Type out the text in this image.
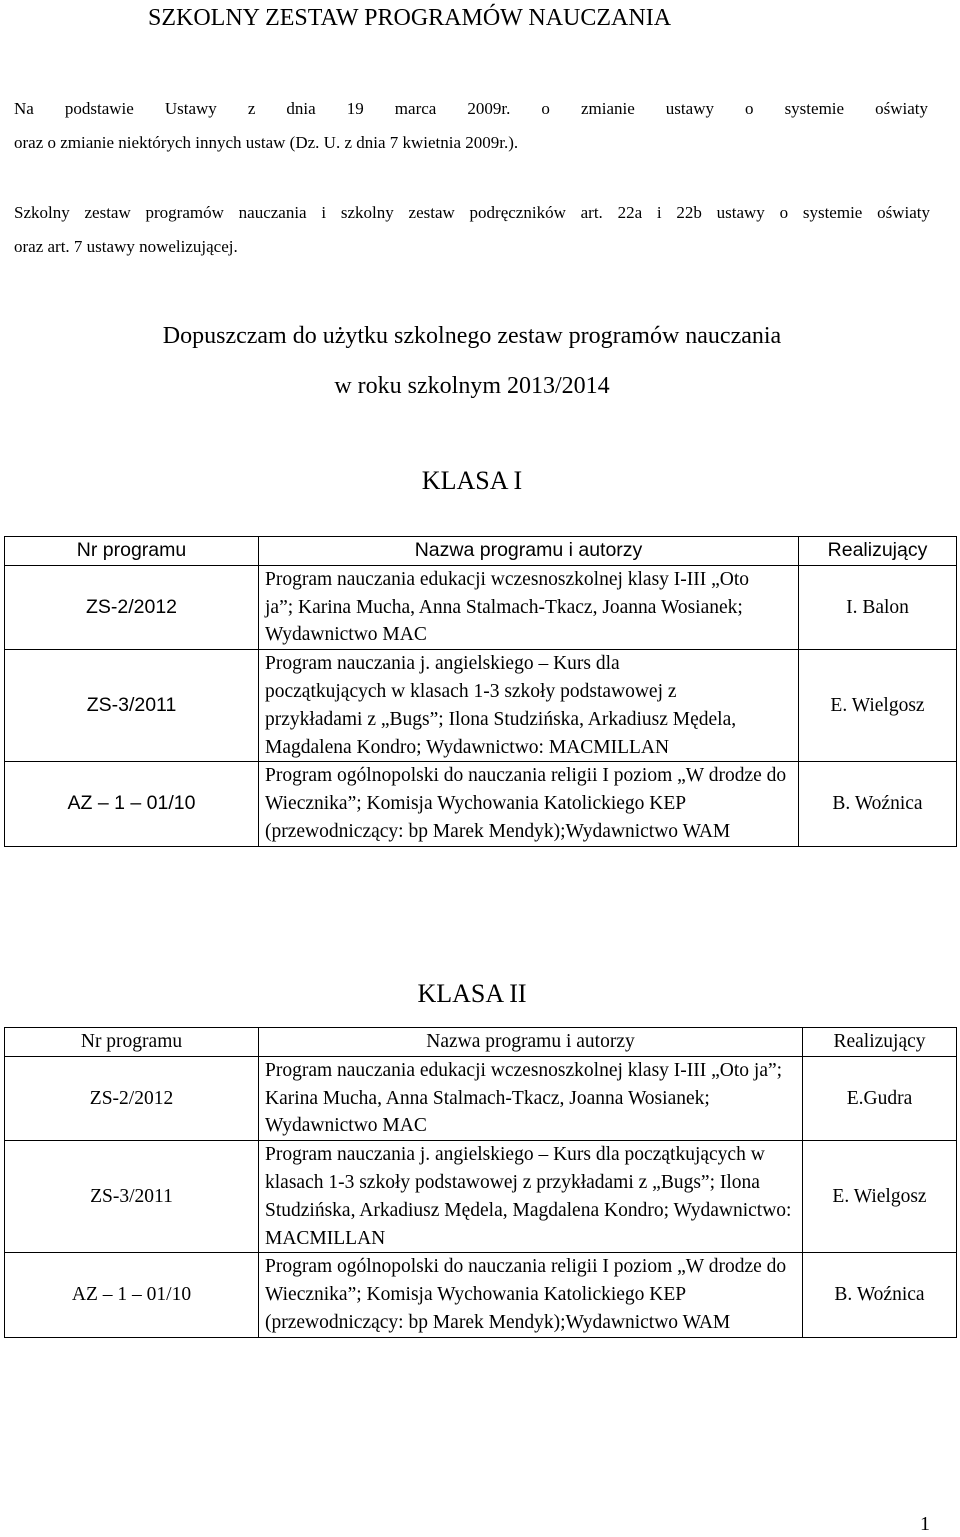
SZKOLNY ZESTAW PROGRAMÓW NAUCZANIA
Na podstawie Ustawy z dnia 19 marca 2009r. o zmianie ustawy o systemie oświaty
oraz o zmianie niektórych innych ustaw (Dz. U. z dnia 7 kwietnia 2009r.).
Szkolny zestaw programów nauczania i szkolny zestaw podręczników art. 22a i 22b ustawy o systemie oświaty
oraz art. 7 ustawy nowelizującej.
Dopuszczam do użytku szkolnego zestaw programów nauczania
w roku szkolnym 2013/2014
KLASA I
Nr programu	Nazwa programu i autorzy	Realizujący
ZS-2/2012	Program nauczania edukacji wczesnoszkolnej klasy I-III „Oto ja”; Karina Mucha, Anna Stalmach-Tkacz, Joanna Wosianek; Wydawnictwo MAC	I. Balon
ZS-3/2011	Program nauczania j. angielskiego – Kurs dla początkujących w klasach 1-3 szkoły podstawowej z przykładami z „Bugs”; Ilona Studzińska, Arkadiusz Mędela, Magdalena Kondro; Wydawnictwo: MACMILLAN	E. Wielgosz
AZ – 1 – 01/10	Program ogólnopolski do nauczania religii I poziom „W drodze do Wiecznika”; Komisja Wychowania Katolickiego KEP (przewodniczący: bp Marek Mendyk);Wydawnictwo WAM	B. Woźnica
KLASA II
Nr programu	Nazwa programu i autorzy	Realizujący
ZS-2/2012	Program nauczania edukacji wczesnoszkolnej klasy I-III „Oto ja”; Karina Mucha, Anna Stalmach-Tkacz, Joanna Wosianek; Wydawnictwo MAC	E.Gudra
ZS-3/2011	Program nauczania j. angielskiego – Kurs dla początkujących w klasach 1-3 szkoły podstawowej z przykładami z „Bugs”; Ilona Studzińska, Arkadiusz Mędela, Magdalena Kondro; Wydawnictwo: MACMILLAN	E. Wielgosz
AZ – 1 – 01/10	Program ogólnopolski do nauczania religii I poziom „W drodze do Wiecznika”; Komisja Wychowania Katolickiego KEP (przewodniczący: bp Marek Mendyk);Wydawnictwo WAM	B. Woźnica
1
